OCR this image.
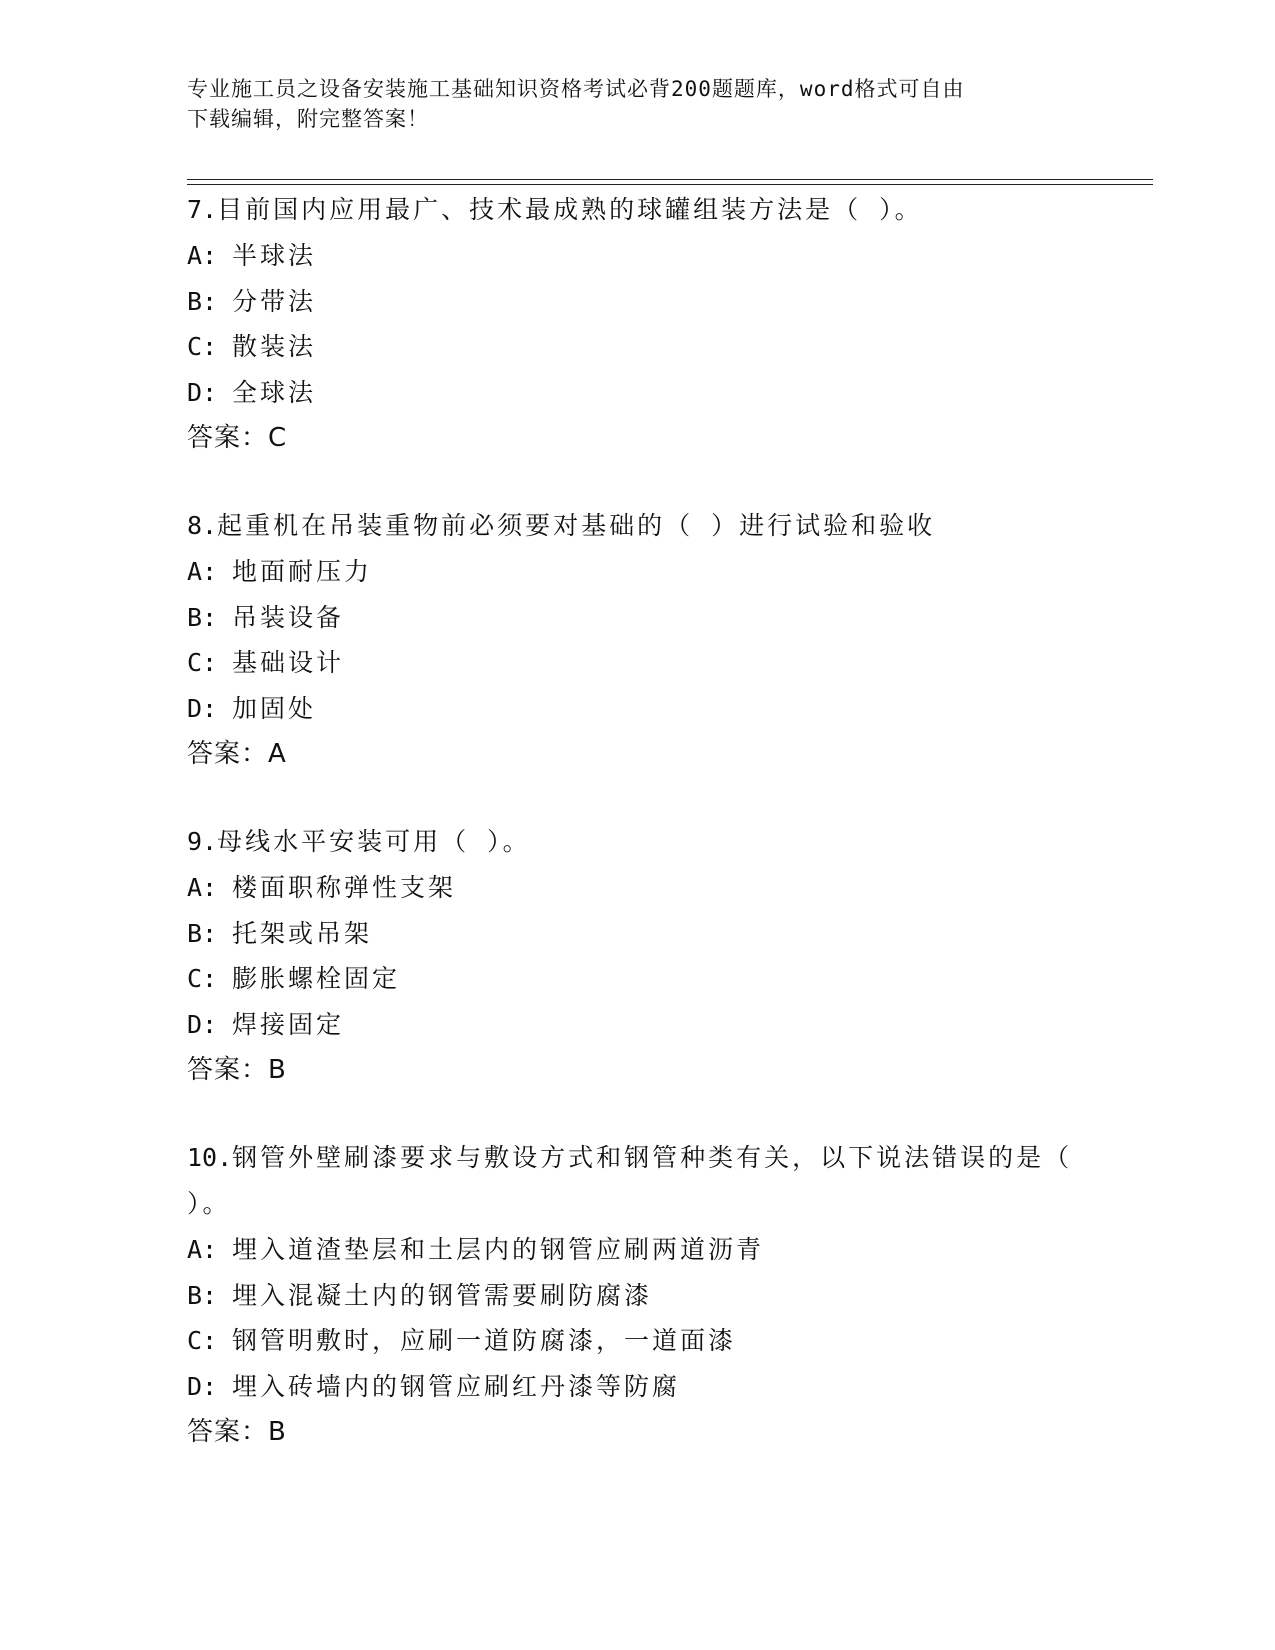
专业施工员之设备安装施工基础知识资格考试必背200题题库，word格式可自由
下载编辑，附完整答案！

7.目前国内应用最广、技术最成熟的球罐组装方法是（ ）。

A: 半球法

B: 分带法

C: 散装法

D: 全球法

答案：C

8.起重机在吊装重物前必须要对基础的（ ）进行试验和验收

A: 地面耐压力

B: 吊装设备

C: 基础设计

D: 加固处

答案：A

9.母线水平安装可用（ ）。

A: 楼面职称弹性支架

B: 托架或吊架

C: 膨胀螺栓固定

D: 焊接固定

答案：B

10.钢管外壁刷漆要求与敷设方式和钢管种类有关，以下说法错误的是（ ）。

A: 埋入道渣垫层和土层内的钢管应刷两道沥青

B: 埋入混凝土内的钢管需要刷防腐漆

C: 钢管明敷时，应刷一道防腐漆，一道面漆

D: 埋入砖墙内的钢管应刷红丹漆等防腐

答案：B
